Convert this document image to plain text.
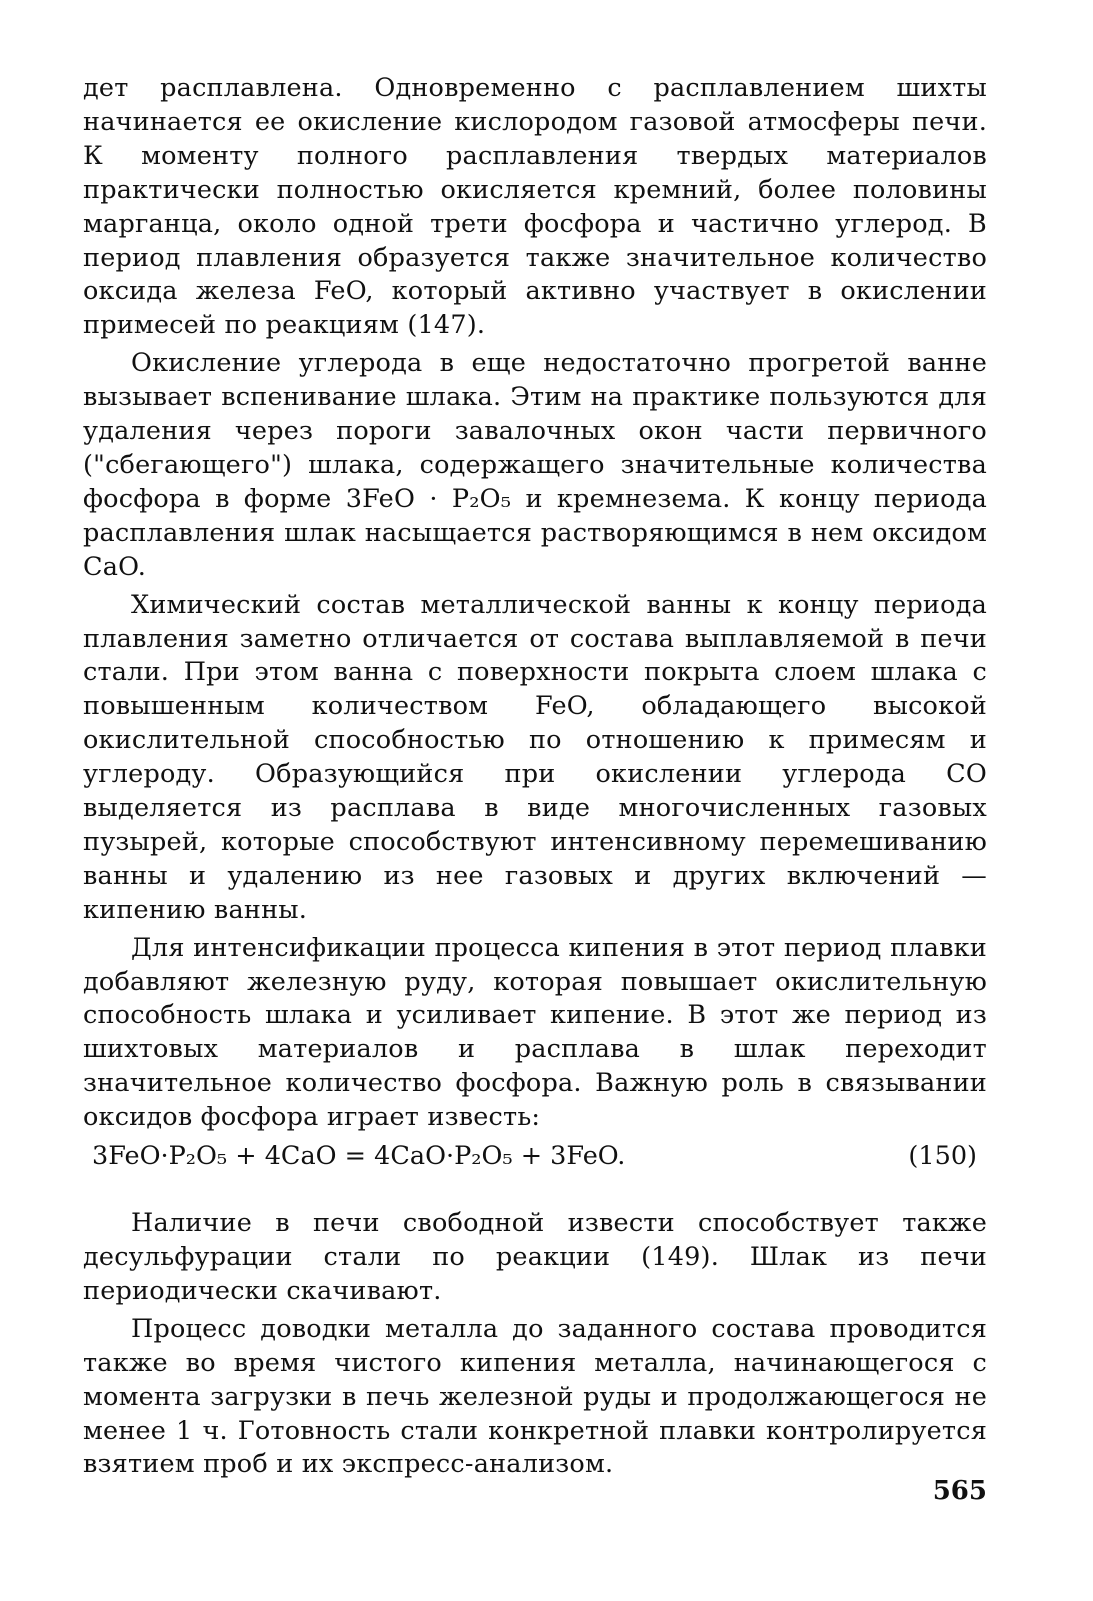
дет расплавлена. Одновременно с расплавлением шихты начинается ее окисление кислородом газовой атмосферы печи. К моменту полного расплавления твердых материалов практически полностью окисляется кремний, более половины марганца, около одной трети фосфора и частично углерод. В период плавления образуется также значительное количество оксида железа FeO, который активно участвует в окислении примесей по реакциям (147).

Окисление углерода в еще недостаточно прогретой ванне вызывает вспенивание шлака. Этим на практике пользуются для удаления через пороги завалочных окон части первичного ("сбегающего") шлака, содержащего значительные количества фосфора в форме 3FeO · P₂O₅ и кремнезема. К концу периода расплавления шлак насыщается растворяющимся в нем оксидом CaO.

Химический состав металлической ванны к концу периода плавления заметно отличается от состава выплавляемой в печи стали. При этом ванна с поверхности покрыта слоем шлака с повышенным количеством FeO, обладающего высокой окислительной способностью по отношению к примесям и углероду. Образующийся при окислении углерода CO выделяется из расплава в виде многочисленных газовых пузырей, которые способствуют интенсивному перемешиванию ванны и удалению из нее газовых и других включений — кипению ванны.

Для интенсификации процесса кипения в этот период плавки добавляют железную руду, которая повышает окислительную способность шлака и усиливает кипение. В этот же период из шихтовых материалов и расплава в шлак переходит значительное количество фосфора. Важную роль в связывании оксидов фосфора играет известь:

3FeO·P₂O₅ + 4CaO = 4CaO·P₂O₅ + 3FeO.	(150)

Наличие в печи свободной извести способствует также десульфурации стали по реакции (149). Шлак из печи периодически скачивают.

Процесс доводки металла до заданного состава проводится также во время чистого кипения металла, начинающегося с момента загрузки в печь железной руды и продолжающегося не менее 1 ч. Готовность стали конкретной плавки контролируется взятием проб и их экспресс-анализом.

565
